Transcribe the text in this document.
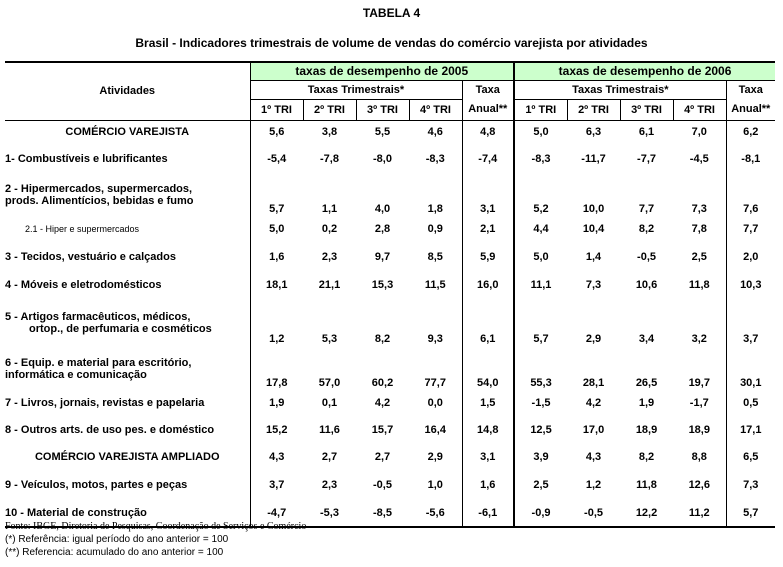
TABELA 4
Brasil - Indicadores trimestrais de volume de vendas do comércio varejista por atividades
Atividades	taxas de desempenho de 2005					taxas de desempenho de 2006				
	Taxas Trimestrais*				Taxa	Taxas Trimestrais*				Taxa
	1º TRI	2º TRI	3º TRI	4º TRI	Anual**	1º TRI	2º TRI	3º TRI	4º TRI	Anual**

COMÉRCIO VAREJISTA	5,6	3,8	5,5	4,6	4,8	5,0	6,3	6,1	7,0	6,2

1- Combustíveis e lubrificantes	-5,4	-7,8	-8,0	-8,3	-7,4	-8,3	-11,7	-7,7	-4,5	-8,1

2 - Hipermercados, supermercados,
prods. Alimentícios, bebidas e fumo	5,7	1,1	4,0	1,8	3,1	5,2	10,0	7,7	7,3	7,6

2.1 - Hiper e supermercados	5,0	0,2	2,8	0,9	2,1	4,4	10,4	8,2	7,8	7,7

3 - Tecidos, vestuário e calçados	1,6	2,3	9,7	8,5	5,9	5,0	1,4	-0,5	2,5	2,0

4 - Móveis e eletrodomésticos	18,1	21,1	15,3	11,5	16,0	11,1	7,3	10,6	11,8	10,3

5 - Artigos farmacêuticos, médicos,
ortop., de perfumaria e cosméticos	1,2	5,3	8,2	9,3	6,1	5,7	2,9	3,4	3,2	3,7

6 - Equip. e material para escritório,
informática e comunicação	17,8	57,0	60,2	77,7	54,0	55,3	28,1	26,5	19,7	30,1

7 - Livros, jornais, revistas e papelaria	1,9	0,1	4,2	0,0	1,5	-1,5	4,2	1,9	-1,7	0,5

8 - Outros arts. de uso pes. e doméstico	15,2	11,6	15,7	16,4	14,8	12,5	17,0	18,9	18,9	17,1

COMÉRCIO VAREJISTA AMPLIADO	4,3	2,7	2,7	2,9	3,1	3,9	4,3	8,2	8,8	6,5

9 - Veículos, motos, partes e peças	3,7	2,3	-0,5	1,0	1,6	2,5	1,2	11,8	12,6	7,3

10 - Material de construção	-4,7	-5,3	-8,5	-5,6	-6,1	-0,9	-0,5	12,2	11,2	5,7
Fonte: IBGE, Diretoria de Pesquisas, Coordenação de Serviços e Comércio
(*) Referência: igual período do ano anterior = 100
(**) Referencia: acumulado do ano anterior = 100
